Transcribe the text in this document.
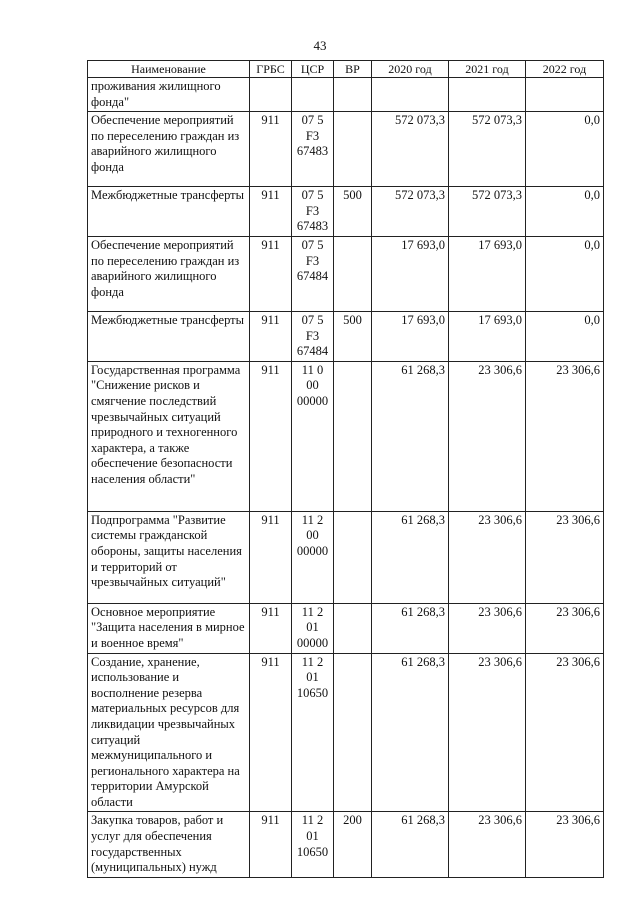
43
Наименование	ГРБС	ЦСР	ВР	2020 год	2021 год	2022 год
проживания жилищного фонда"						
Обеспечение мероприятий по переселению граждан из аварийного жилищного фонда	911	07 5 F3 67483		572 073,3	572 073,3	0,0
Межбюджетные трансферты	911	07 5 F3 67483	500	572 073,3	572 073,3	0,0
Обеспечение мероприятий по переселению граждан из аварийного жилищного фонда	911	07 5 F3 67484		17 693,0	17 693,0	0,0
Межбюджетные трансферты	911	07 5 F3 67484	500	17 693,0	17 693,0	0,0
Государственная программа "Снижение рисков и смягчение последствий чрезвычайных ситуаций природного и техногенного характера, а также обеспечение безопасности населения области"	911	11 0 00 00000		61 268,3	23 306,6	23 306,6
Подпрограмма "Развитие системы гражданской обороны, защиты населения и территорий от чрезвычайных ситуаций"	911	11 2 00 00000		61 268,3	23 306,6	23 306,6
Основное мероприятие "Защита населения в мирное и военное время"	911	11 2 01 00000		61 268,3	23 306,6	23 306,6
Создание, хранение, использование и восполнение резерва материальных ресурсов для ликвидации чрезвычайных ситуаций межмуниципального и регионального характера на территории Амурской области	911	11 2 01 10650		61 268,3	23 306,6	23 306,6
Закупка товаров, работ и услуг для обеспечения государственных (муниципальных) нужд	911	11 2 01 10650	200	61 268,3	23 306,6	23 306,6
